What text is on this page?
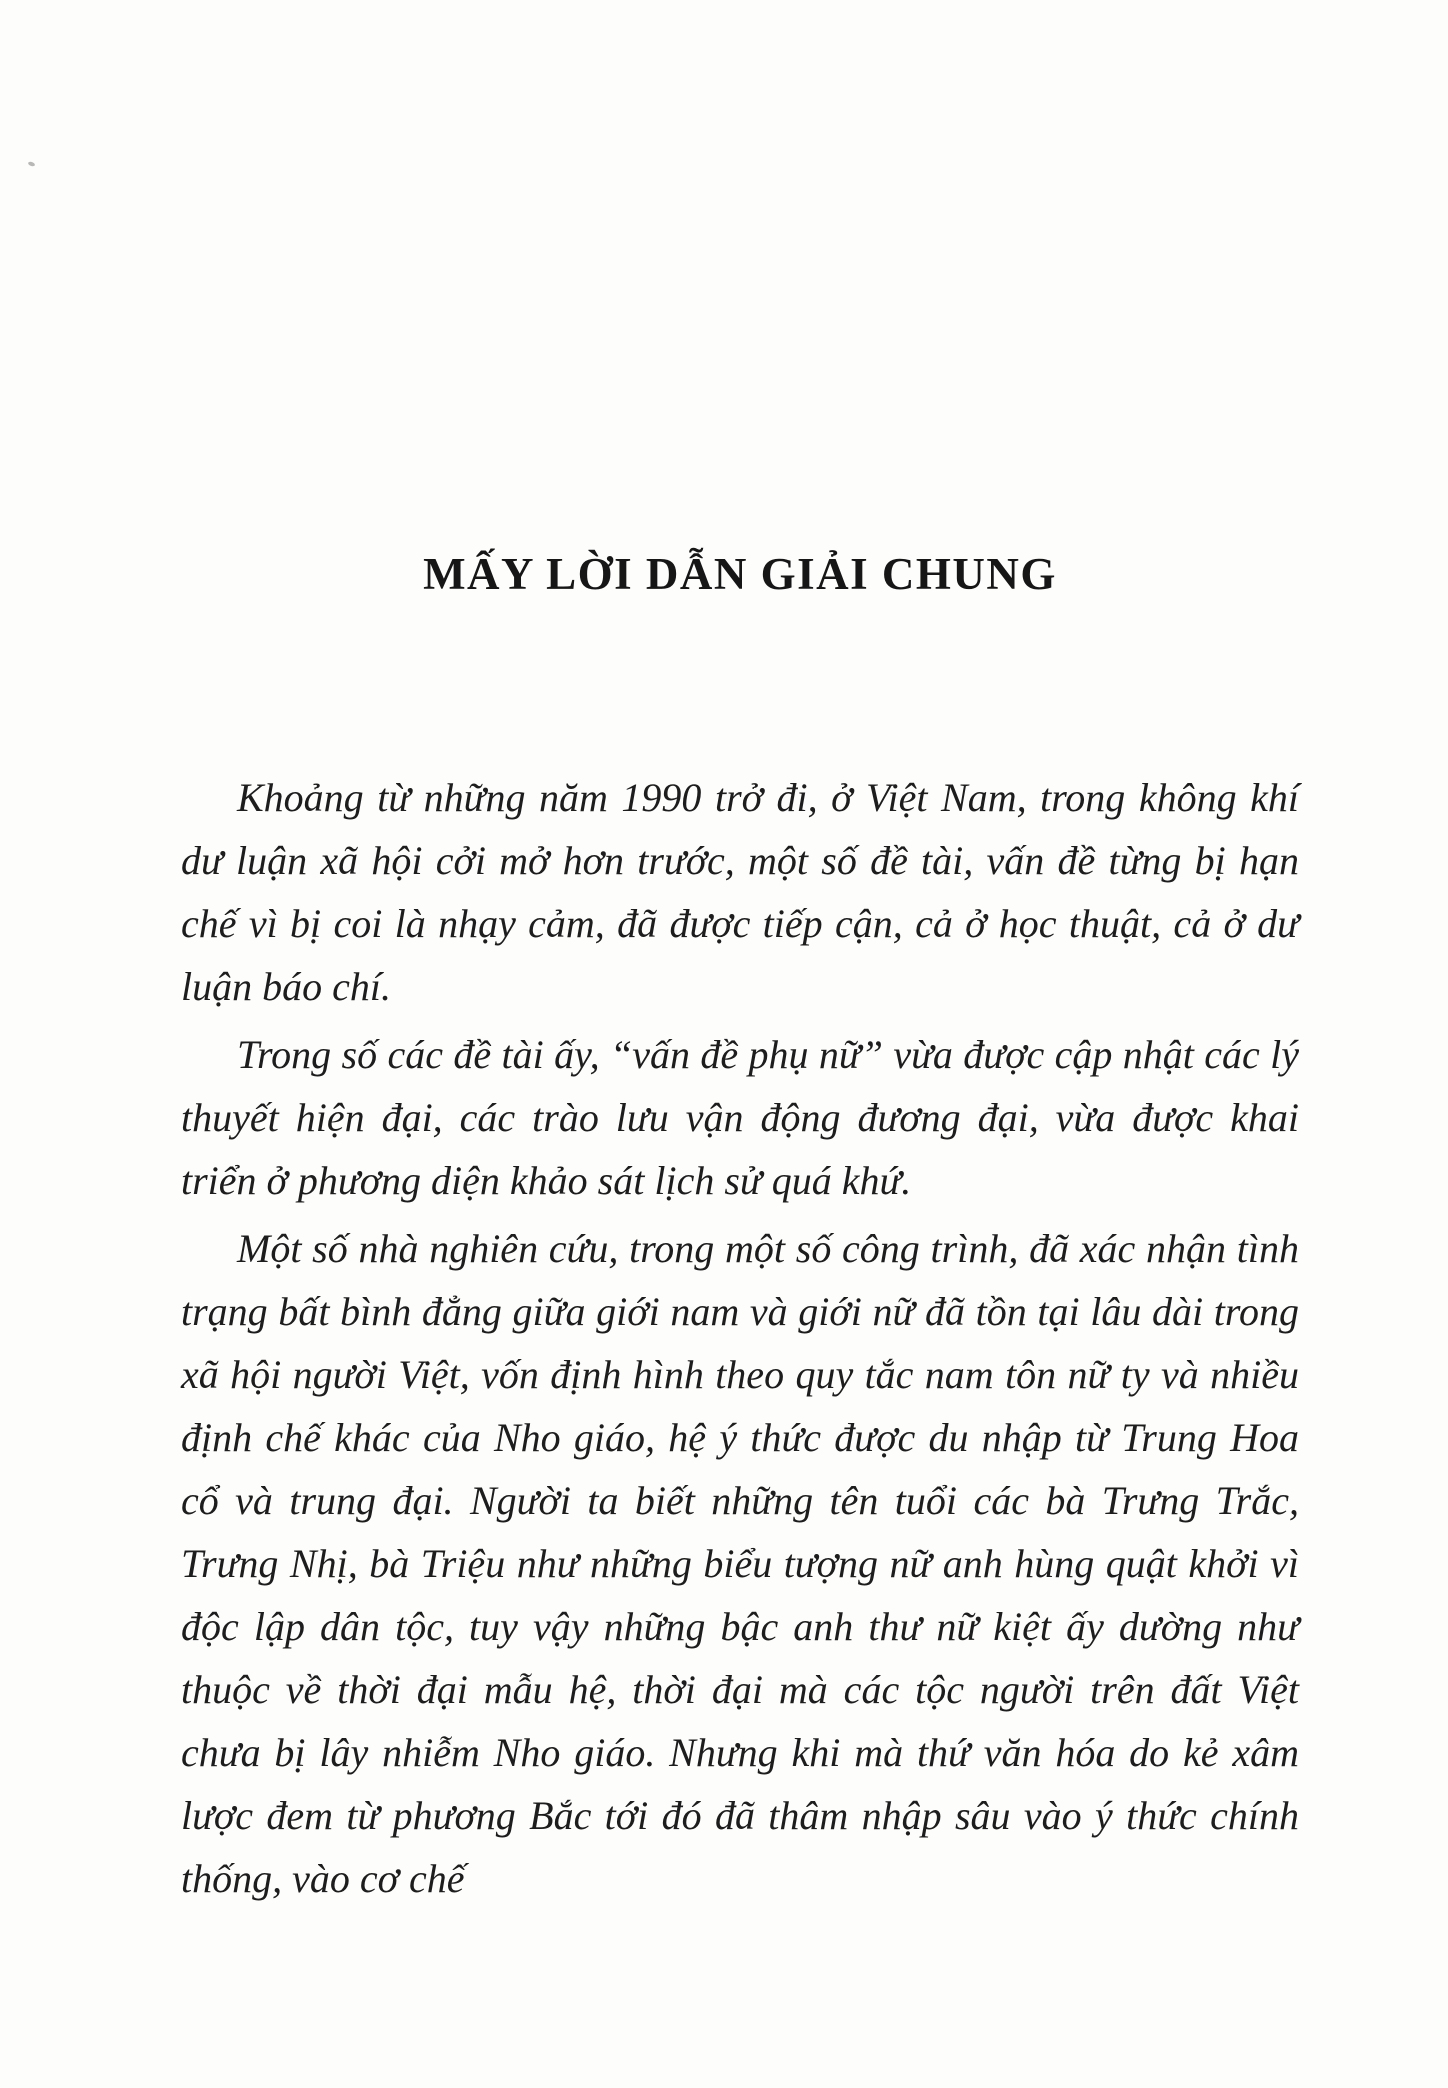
MẤY LỜI DẪN GIẢI CHUNG

Khoảng từ những năm 1990 trở đi, ở Việt Nam, trong không khí dư luận xã hội cởi mở hơn trước, một số đề tài, vấn đề từng bị hạn chế vì bị coi là nhạy cảm, đã được tiếp cận, cả ở học thuật, cả ở dư luận báo chí.

Trong số các đề tài ấy, “vấn đề phụ nữ” vừa được cập nhật các lý thuyết hiện đại, các trào lưu vận động đương đại, vừa được khai triển ở phương diện khảo sát lịch sử quá khứ.

Một số nhà nghiên cứu, trong một số công trình, đã xác nhận tình trạng bất bình đẳng giữa giới nam và giới nữ đã tồn tại lâu dài trong xã hội người Việt, vốn định hình theo quy tắc nam tôn nữ ty và nhiều định chế khác của Nho giáo, hệ ý thức được du nhập từ Trung Hoa cổ và trung đại. Người ta biết những tên tuổi các bà Trưng Trắc, Trưng Nhị, bà Triệu như những biểu tượng nữ anh hùng quật khởi vì độc lập dân tộc, tuy vậy những bậc anh thư nữ kiệt ấy dường như thuộc về thời đại mẫu hệ, thời đại mà các tộc người trên đất Việt chưa bị lây nhiễm Nho giáo. Nhưng khi mà thứ văn hóa do kẻ xâm lược đem từ phương Bắc tới đó đã thâm nhập sâu vào ý thức chính thống, vào cơ chế
